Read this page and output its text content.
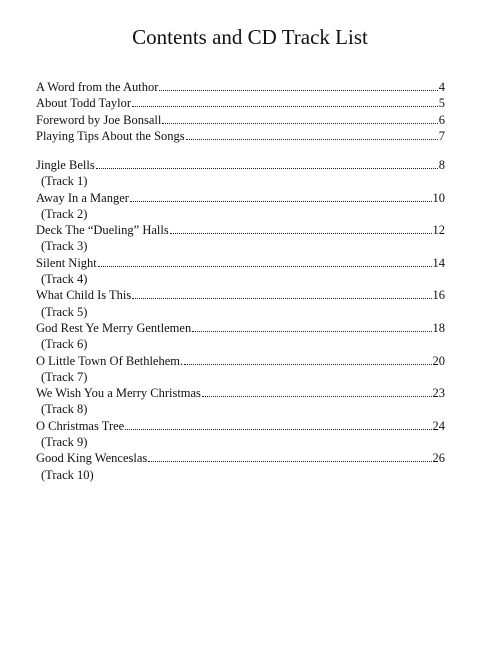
Contents and CD Track List
A Word from the Author	4
About Todd Taylor	5
Foreword by Joe Bonsall	6
Playing Tips About the Songs	7
Jingle Bells	8
(Track 1)
Away In a Manger	10
(Track 2)
Deck The “Dueling” Halls	12
(Track 3)
Silent Night	14
(Track 4)
What Child Is This	16
(Track 5)
God Rest Ye Merry Gentlemen	18
(Track 6)
O Little Town Of Bethlehem.	20
(Track 7)
We Wish You a Merry Christmas	23
(Track 8)
O Christmas Tree	24
(Track 9)
Good King Wenceslas	26
(Track 10)
